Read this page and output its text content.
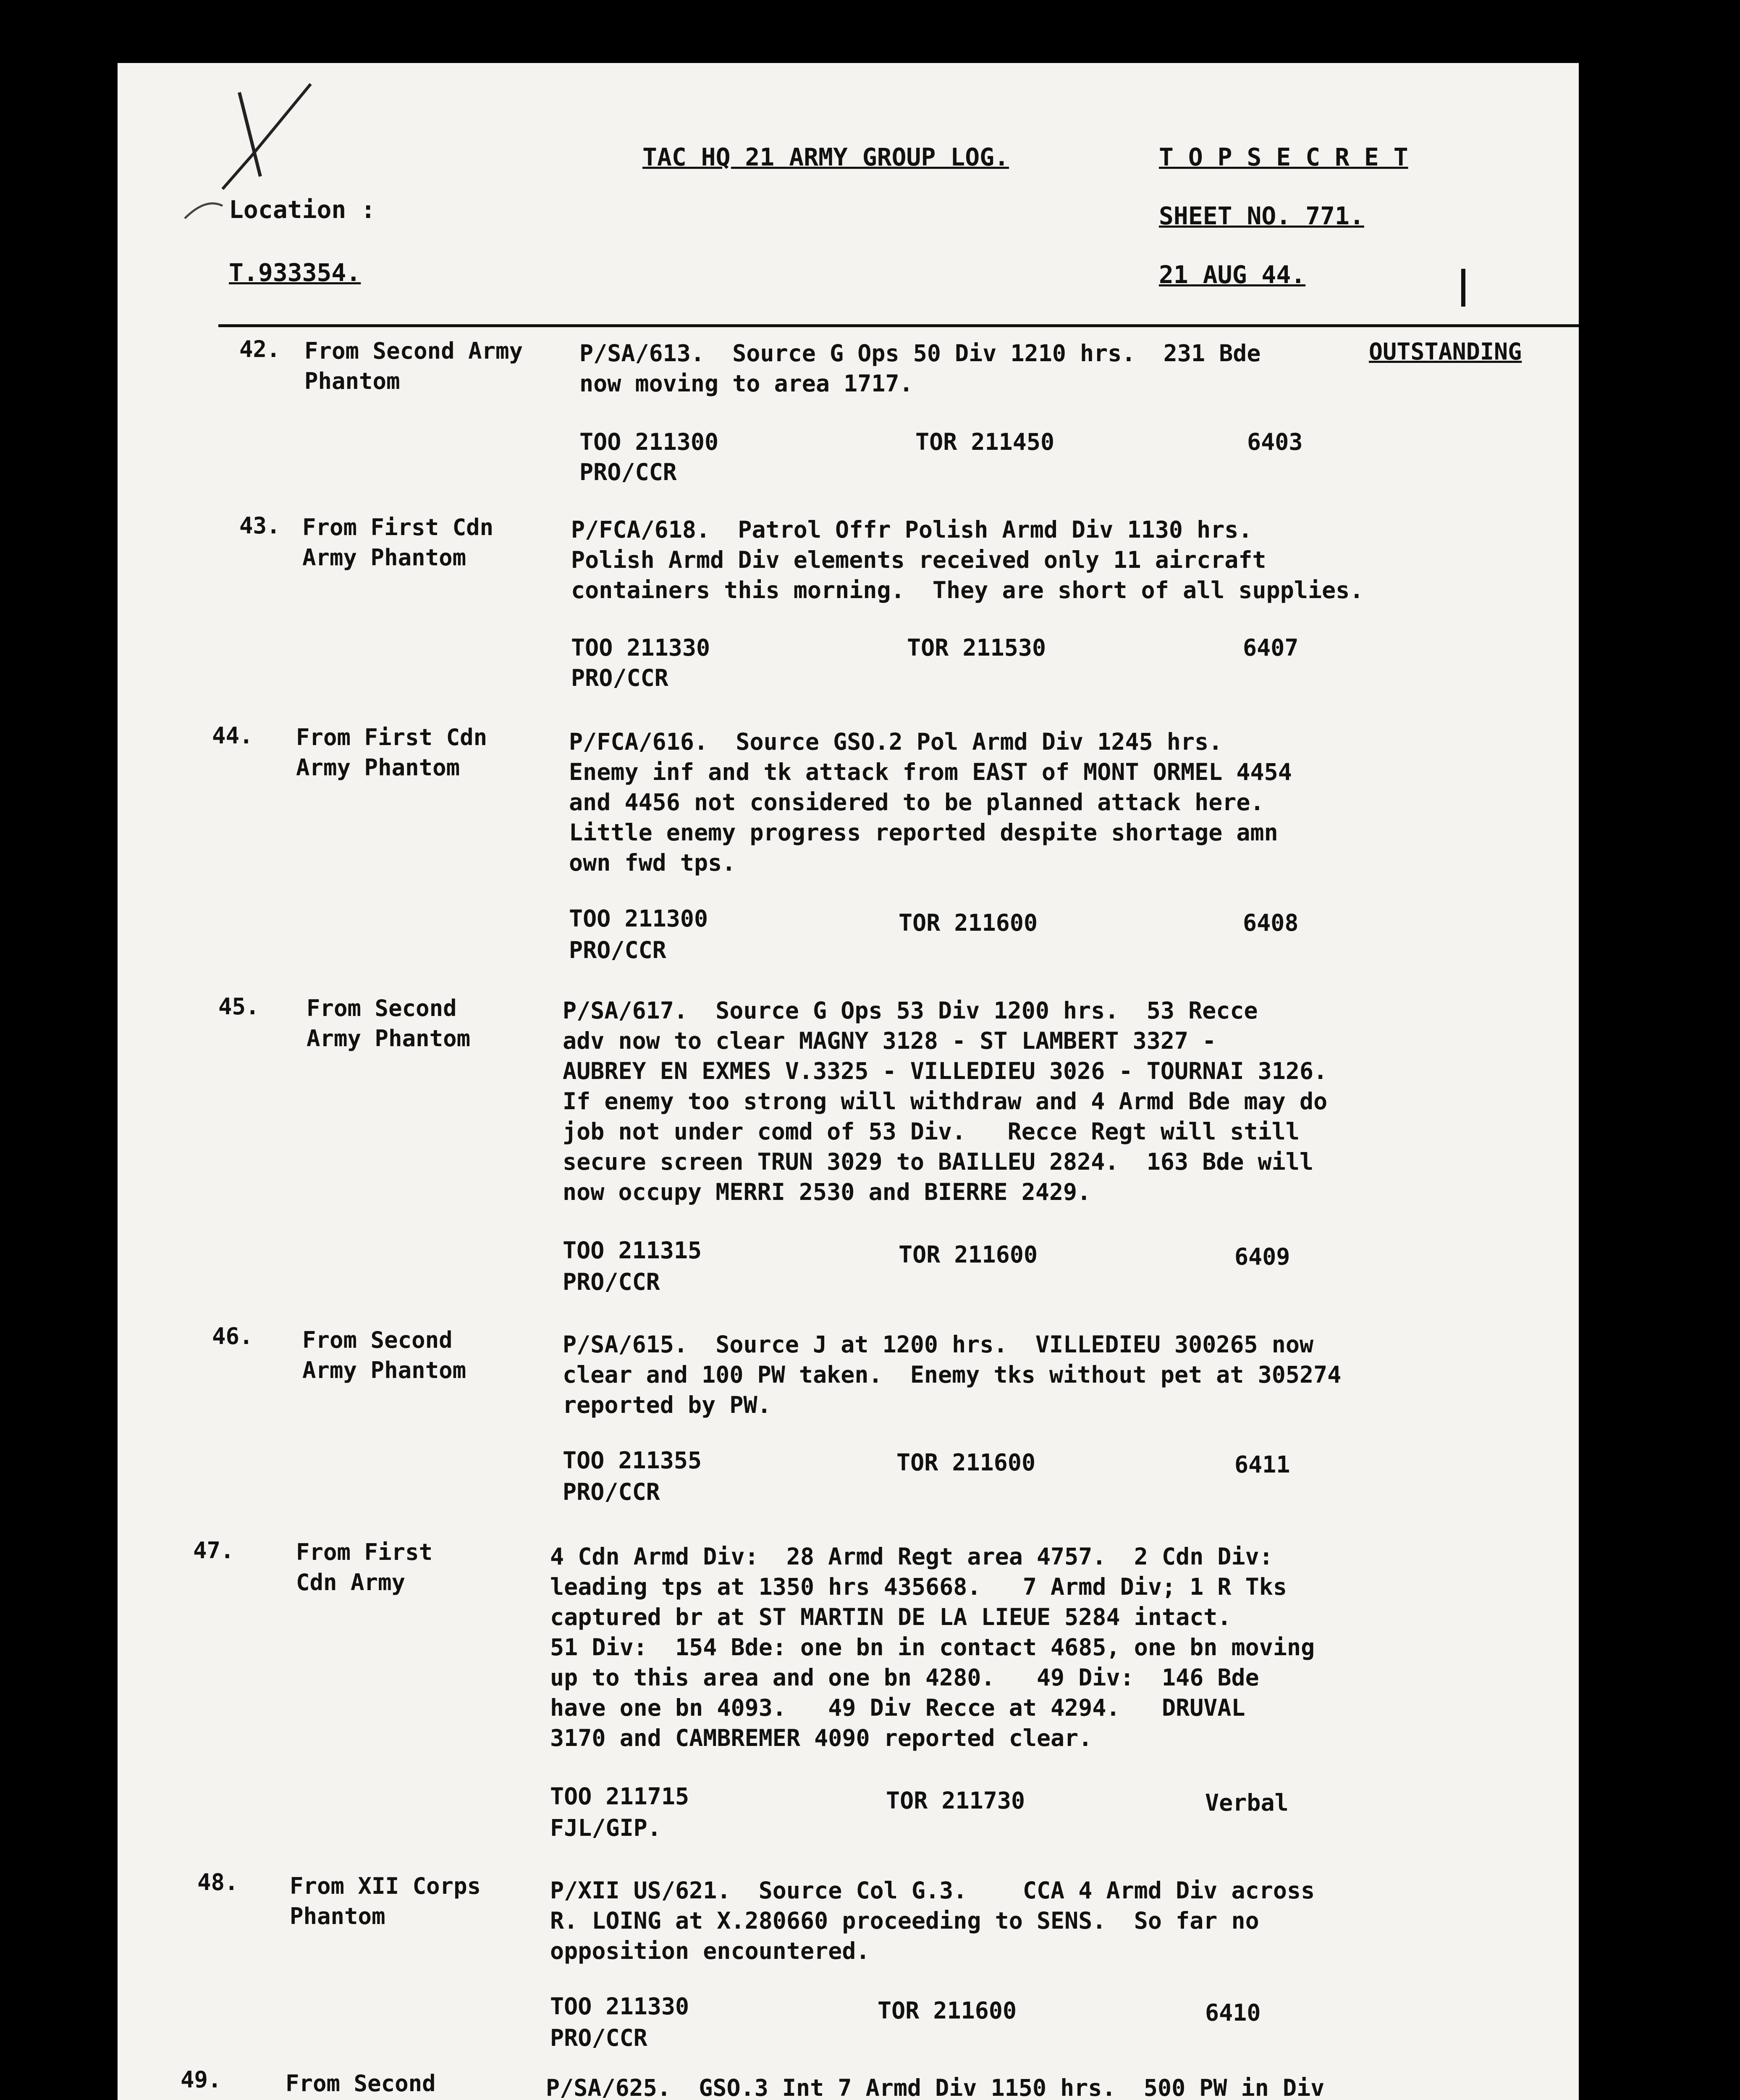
TAC HQ 21 ARMY GROUP LOG.	T O P S E C R E T
Location :	SHEET NO. 771.
T.933354.	21 AUG 44.
42. From Second Army
Phantom
P/SA/613.  Source G Ops 50 Div 1210 hrs.  231 Bde
now moving to area 1717.
OUTSTANDING
TOO 211300	TOR 211450	6403
PRO/CCR
43. From First Cdn
Army Phantom
P/FCA/618.  Patrol Offr Polish Armd Div 1130 hrs.
Polish Armd Div elements received only 11 aircraft
containers this morning.  They are short of all supplies.
TOO 211330	TOR 211530	6407
PRO/CCR
44. From First Cdn
Army Phantom
P/FCA/616.  Source GSO.2 Pol Armd Div 1245 hrs.
Enemy inf and tk attack from EAST of MONT ORMEL 4454
and 4456 not considered to be planned attack here.
Little enemy progress reported despite shortage amn
own fwd tps.
TOO 211300	TOR 211600	6408
PRO/CCR
45. From Second
Army Phantom
P/SA/617.  Source G Ops 53 Div 1200 hrs.  53 Recce
adv now to clear MAGNY 3128 - ST LAMBERT 3327 -
AUBREY EN EXMES V.3325 - VILLEDIEU 3026 - TOURNAI 3126.
If enemy too strong will withdraw and 4 Armd Bde may do
job not under comd of 53 Div.   Recce Regt will still
secure screen TRUN 3029 to BAILLEU 2824.  163 Bde will
now occupy MERRI 2530 and BIERRE 2429.
TOO 211315	TOR 211600	6409
PRO/CCR
46. From Second
Army Phantom
P/SA/615.  Source J at 1200 hrs.  VILLEDIEU 300265 now
clear and 100 PW taken.  Enemy tks without pet at 305274
reported by PW.
TOO 211355	TOR 211600	6411
PRO/CCR
47.	From First
Cdn Army
4 Cdn Armd Div:  28 Armd Regt area 4757.  2 Cdn Div:
leading tps at 1350 hrs 435668.   7 Armd Div; 1 R Tks
captured br at ST MARTIN DE LA LIEUE 5284 intact.
51 Div:  154 Bde: one bn in contact 4685, one bn moving
up to this area and one bn 4280.   49 Div:  146 Bde
have one bn 4093.   49 Div Recce at 4294.   DRUVAL
3170 and CAMBREMER 4090 reported clear.
TOO 211715	TOR 211730	Verbal
FJL/GIP.
48. From XII Corps
Phantom
P/XII US/621.  Source Col G.3.    CCA 4 Armd Div across
R. LOING at X.280660 proceeding to SENS.  So far no
opposition encountered.
TOO 211330	TOR 211600	6410
PRO/CCR
49.	From Second	P/SA/625.  GSO.3 Int 7 Armd Div 1150 hrs.  500 PW in Div
